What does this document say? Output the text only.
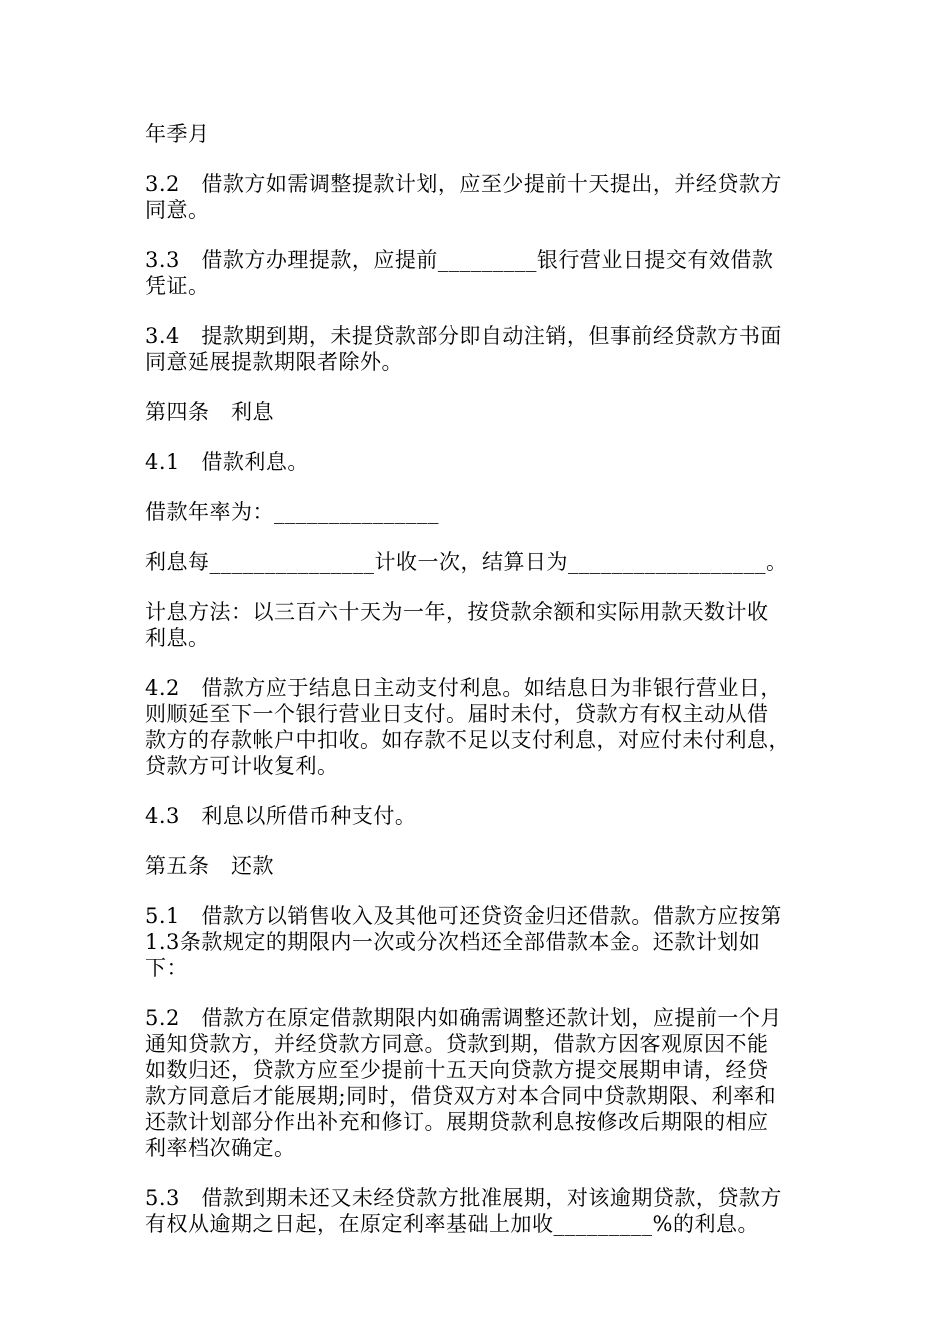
年季月

3.2　借款方如需调整提款计划，应至少提前十天提出，并经贷款方
同意。

3.3　借款方办理提款，应提前_________银行营业日提交有效借款
凭证。

3.4　提款期到期，未提贷款部分即自动注销，但事前经贷款方书面
同意延展提款期限者除外。

第四条　利息

4.1　借款利息。

借款年率为：_______________

利息每_______________计收一次，结算日为__________________。

计息方法：以三百六十天为一年，按贷款余额和实际用款天数计收
利息。

4.2　借款方应于结息日主动支付利息。如结息日为非银行营业日，
则顺延至下一个银行营业日支付。届时未付，贷款方有权主动从借
款方的存款帐户中扣收。如存款不足以支付利息，对应付未付利息，
贷款方可计收复利。

4.3　利息以所借币种支付。

第五条　还款

5.1　借款方以销售收入及其他可还贷资金归还借款。借款方应按第
1.3条款规定的期限内一次或分次档还全部借款本金。还款计划如
下：

5.2　借款方在原定借款期限内如确需调整还款计划，应提前一个月
通知贷款方，并经贷款方同意。贷款到期，借款方因客观原因不能
如数归还，贷款方应至少提前十五天向贷款方提交展期申请，经贷
款方同意后才能展期;同时，借贷双方对本合同中贷款期限、利率和
还款计划部分作出补充和修订。展期贷款利息按修改后期限的相应
利率档次确定。

5.3　借款到期未还又未经贷款方批准展期，对该逾期贷款，贷款方
有权从逾期之日起，在原定利率基础上加收_________%的利息。
